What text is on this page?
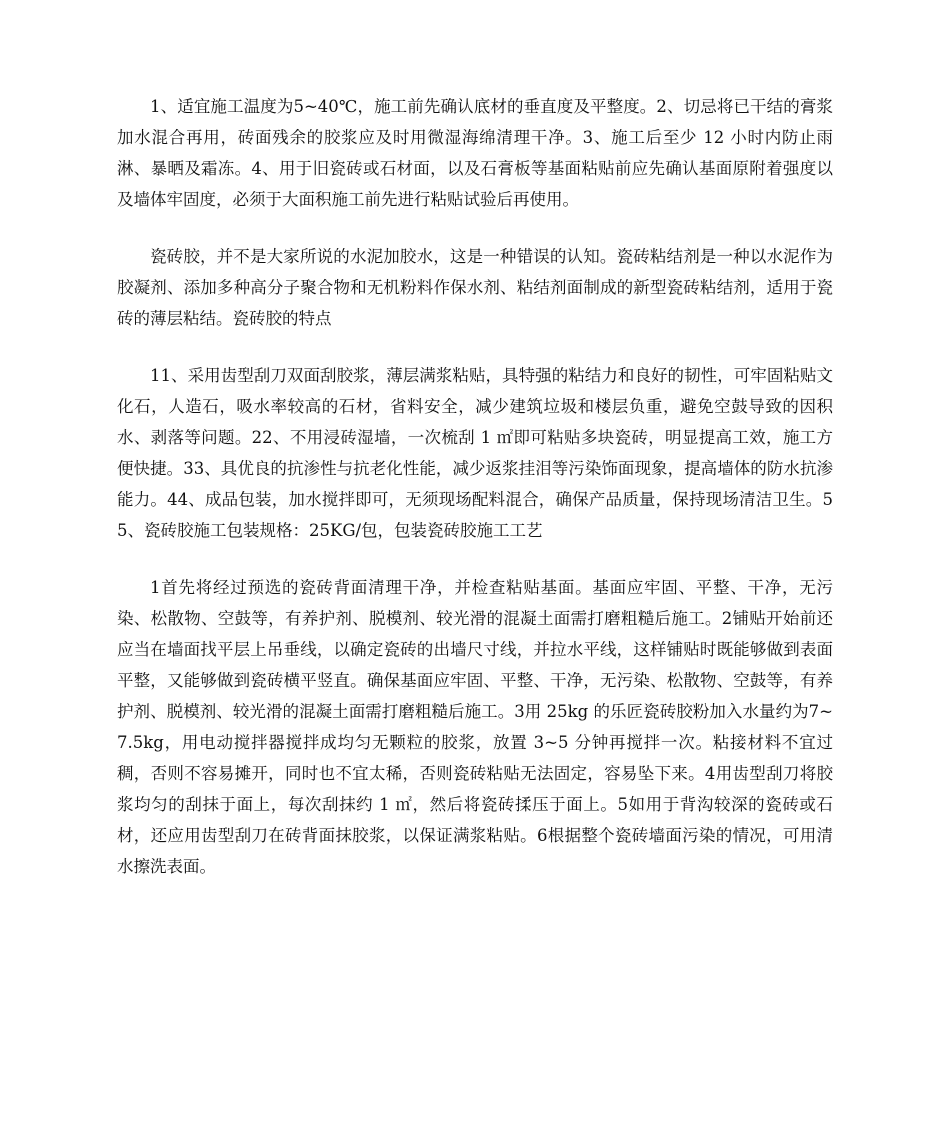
1、适宜施工温度为5~40℃，施工前先确认底材的垂直度及平整度。2、切忌将已干结的膏浆加水混合再用，砖面残余的胶浆应及时用微湿海绵清理干净。3、施工后至少 12 小时内防止雨淋、暴晒及霜冻。4、用于旧瓷砖或石材面，以及石膏板等基面粘贴前应先确认基面原附着强度以及墙体牢固度，必须于大面积施工前先进行粘贴试验后再使用。

瓷砖胶，并不是大家所说的水泥加胶水，这是一种错误的认知。瓷砖粘结剂是一种以水泥作为胶凝剂、添加多种高分子聚合物和无机粉料作保水剂、粘结剂面制成的新型瓷砖粘结剂，适用于瓷砖的薄层粘结。瓷砖胶的特点

11、采用齿型刮刀双面刮胶浆，薄层满浆粘贴，具特强的粘结力和良好的韧性，可牢固粘贴文化石，人造石，吸水率较高的石材，省料安全，减少建筑垃圾和楼层负重，避免空鼓导致的因积水、剥落等问题。22、不用浸砖湿墙，一次梳刮 1 ㎡即可粘贴多块瓷砖，明显提高工效，施工方便快捷。33、具优良的抗渗性与抗老化性能，减少返浆挂泪等污染饰面现象，提高墙体的防水抗渗能力。44、成品包装，加水搅拌即可，无须现场配料混合，确保产品质量，保持现场清洁卫生。55、瓷砖胶施工包装规格：25KG/包，包装瓷砖胶施工工艺

1首先将经过预选的瓷砖背面清理干净，并检查粘贴基面。基面应牢固、平整、干净，无污染、松散物、空鼓等，有养护剂、脱模剂、较光滑的混凝土面需打磨粗糙后施工。2铺贴开始前还应当在墙面找平层上吊垂线，以确定瓷砖的出墙尺寸线，并拉水平线，这样铺贴时既能够做到表面平整，又能够做到瓷砖横平竖直。确保基面应牢固、平整、干净，无污染、松散物、空鼓等，有养护剂、脱模剂、较光滑的混凝土面需打磨粗糙后施工。3用 25kg 的乐匠瓷砖胶粉加入水量约为7~7.5kg，用电动搅拌器搅拌成均匀无颗粒的胶浆，放置 3~5 分钟再搅拌一次。粘接材料不宜过稠，否则不容易摊开，同时也不宜太稀，否则瓷砖粘贴无法固定，容易坠下来。4用齿型刮刀将胶浆均匀的刮抹于面上，每次刮抹约 1 ㎡，然后将瓷砖揉压于面上。5如用于背沟较深的瓷砖或石材，还应用齿型刮刀在砖背面抹胶浆，以保证满浆粘贴。6根据整个瓷砖墙面污染的情况，可用清水擦洗表面。
